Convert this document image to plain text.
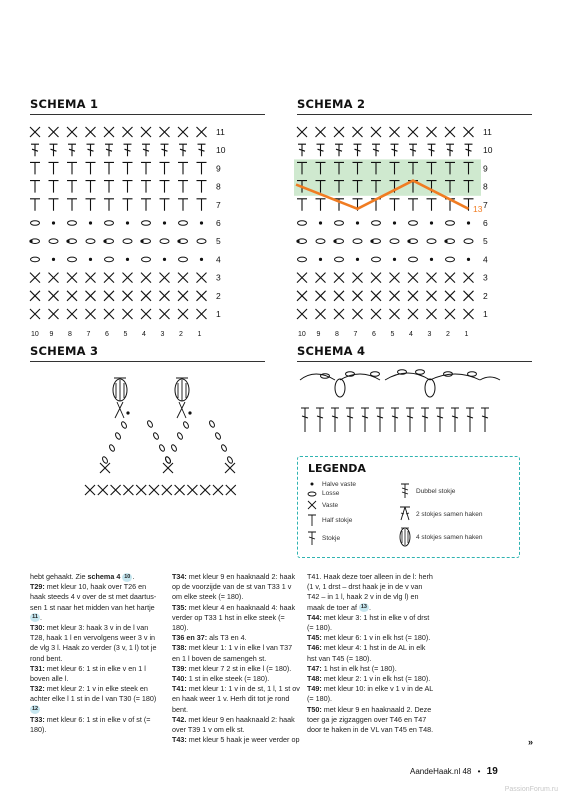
SCHEMA 1
11
10
9
8
7
6
5
4
3
2
1
10 9 8 7 6 5 4 3 2 1
SCHEMA 2
11
10
9
8
7
6
5
4
3
2
1
10 9 8 7 6 5 4 3 2 1
13
SCHEMA 3	SCHEMA 4
LEGENDA
Halve vaste
Losse
Vaste
Half stokje
Stokje
Dubbel stokje
2 stokjes samen haken
4 stokjes samen haken

hebt gehaakt. Zie schema 4 10 .

T29: met kleur 10, haak over T26 en haak steeds 4 v over de st met daartus-sen 1 st naar het midden van het hartje 11 .

T30: met kleur 3: haak 3 v in de l van T28, haak 1 l en vervolgens weer 3 v in de vlg 3 l. Haak zo verder (3 v, 1 l) tot je rond bent.

T31: met kleur 6: 1 st in elke v en 1 l boven alle l.

T32: met kleur 2: 1 v in elke steek en achter elke l 1 st in de l van T30 (= 180) 12

T33: met kleur 6: 1 st in elke v of st (= 180).

T34: met kleur 9 en haaknaald 2: haak op de voorzijde van de st van T33 1 v om elke steek (= 180).

T35: met kleur 4 en haaknaald 4: haak verder op T33 1 hst in elke steek (= 180).

T36 en 37: als T3 en 4.

T38: met kleur 1: 1 v in elke l van T37 en 1 l boven de samengeh st.

T39: met kleur 7 2 st in elke l (= 180).

T40: 1 st in elke steek (= 180).

T41: met kleur 1: 1 v in de st, 1 l, 1 st ov en haak weer 1 v. Herh dit tot je rond bent.

T42. met kleur 9 en haaknaald 2: haak over T39 1 v om elk st.

T43: met kleur 5 haak je weer verder op

T41. Haak deze toer alleen in de l: herh (1 v, 1 drst – drst haak je in de v van T42 – in 1 l, haak 2 v in de vlg l) en maak de toer af 13 .

T44: met kleur 3: 1 hst in elke v of drst (= 180).

T45: met kleur 6: 1 v in elk hst (= 180).

T46: met kleur 4: 1 hst in de AL in elk hst van T45 (= 180).

T47: 1 hst in elk hst (= 180).

T48: met kleur 2: 1 v in elk hst (= 180).

T49: met kleur 10: in elke v 1 v in de AL (= 180).

T50: met kleur 9 en haaknaald 2. Deze toer ga je zigzaggen over T46 en T47 door te haken in de VL van T45 en T48.

»
AandeHaak.nl 48 • 19
PassionForum.ru
